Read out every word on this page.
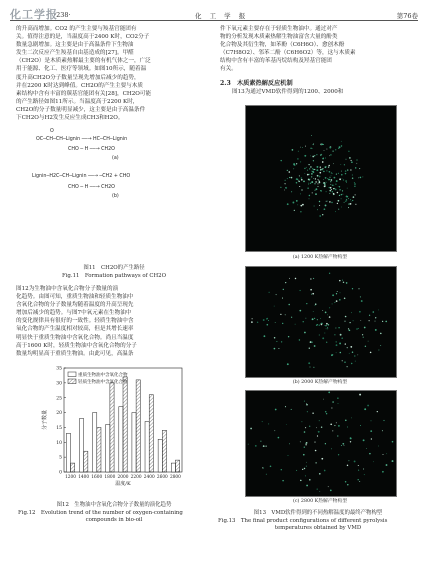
化工学报
·238·	化 工 学 报	第76卷

的升高而增加。CO2 的产生主要与羧基官能团有

关。值得注意的是，当温度高于2400 K时，CO2分子

数量急剧增加。这主要是由于高温条件下生物油

发生二次反应产生羧基自由基造成的[27]。甲醛

（CH2O）是木质素热解最主要的有机气体之一，广泛

用于能源、化工、医疗等领域。如图10所示，随着温

度升高CH2O分子数量呈现先增加后减少的趋势，

并在2200 K时达到峰值。CH2O的产生主要与木质

素结构中含有丰富的羰基官能团有关[28]，CH2O可能

的产生路径如图11所示。当温度高于2200 K时，

CH2O的分子数量明显减少，这主要是由于高温条件

下CH2O与H2发生反应生成CH3和H2O。

O
OC─CH─CH─Lignin ──→ HC─CH─Lignin
CHO ─ H ──→ CH2O
(a)
Lignin─H2C─CH─Lignin ──→ ─CH2 + CHO
CHO ─ H ──→ CH2O
(b)
图11　CH2O的产生路径
Fig.11　Formation pathways of CH2O

图12为生物油中含氧化合物分子数量的演

化趋势。由图可知，重质生物油和轻质生物油中

含氧化合物的分子数量均随着温度的升高呈现先

增加后减少的趋势。与图7中氧元素在生物油中

的变化规律具有很好的一致性。轻质生物油中含

氧化合物的产生温度相对较高，但是其增长速率

明显快于重质生物油中含氧化合物。尚且当温度

高于1600 K时，轻质生物油中含氧化合物的分子

数量均明显高于重质生物油。由此可见，高温条

0
5
10
15
20
25
30
35
1200 1400 1600 1800 2000 2200 2400 2600 2800
温度/K
分子数量
重质生物油中含氧化合物
轻质生物油中含氧化合物
图12　生物油中含氧化合物分子数量的演化趋势
Fig.12　Evolution trend of the number of oxygen-containing
compounds in bio-oil

件下氧元素主要存在于轻质生物油中。通过对产

物的分析发现木质素热解生物油富含大量的酚类

化合物及其衍生物，如苯酚（C6H6O）、愈创木酚

（C7H8O2）、邻苯二酚（C6H6O2）等，这与木质素

结构中含有丰富的苯基丙烷结构及羟基官能团

有关。

2.3　木质素热解反应机制
图13为通过VMD软件得到的1200、2000和
(a) 1200 K热解产物构型
(b) 2000 K热解产物构型
(c) 2800 K热解产物构型
图13　VMD软件得到的不同热解温度的最终产物构型
Fig.13　The final product configurations of different pyrolysis
temperatures obtained by VMD
